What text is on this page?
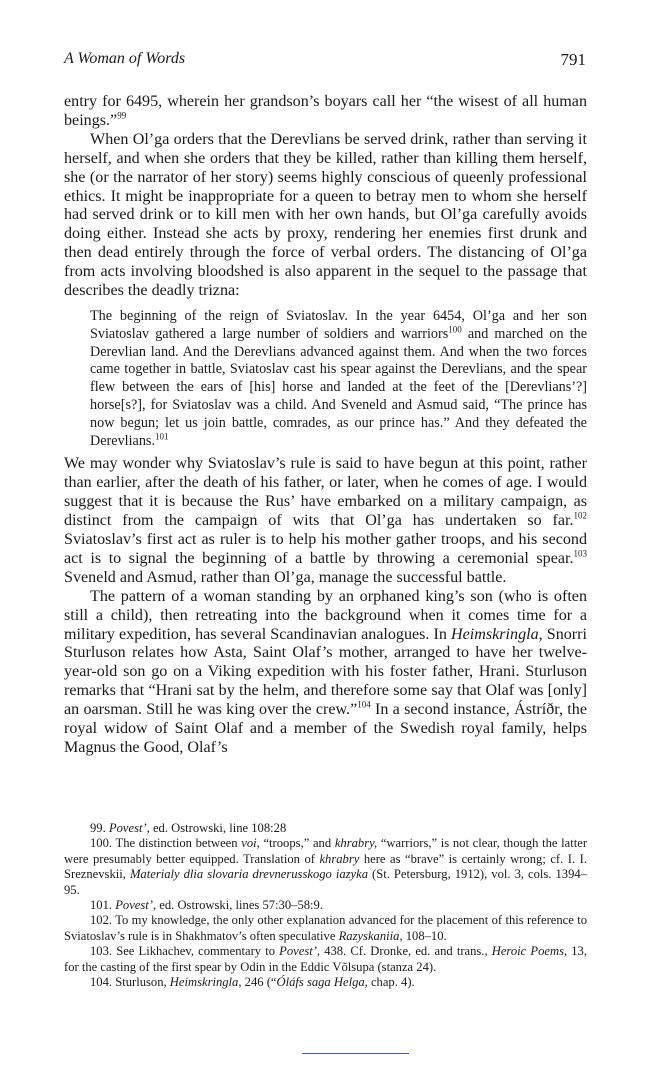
A Woman of Words	791

entry for 6495, wherein her grandson’s boyars call her “the wisest of all human beings.”$^{99}$

When Ol’ga orders that the Derevlians be served drink, rather than serving it herself, and when she orders that they be killed, rather than killing them herself, she (or the narrator of her story) seems highly conscious of queenly professional ethics. It might be inappropriate for a queen to betray men to whom she herself had served drink or to kill men with her own hands, but Ol’ga carefully avoids doing either. Instead she acts by proxy, rendering her enemies first drunk and then dead entirely through the force of verbal orders. The distancing of Ol’ga from acts involving bloodshed is also apparent in the sequel to the passage that describes the deadly trizna:

The beginning of the reign of Sviatoslav. In the year 6454, Ol’ga and her son Sviatoslav gathered a large number of soldiers and warriors$^{100}$ and marched on the Derevlian land. And the Derevlians advanced against them. And when the two forces came together in battle, Sviatoslav cast his spear against the Derevlians, and the spear flew between the ears of [his] horse and landed at the feet of the [Derevlians’?] horse[s?], for Sviatoslav was a child. And Sveneld and Asmud said, “The prince has now begun; let us join battle, comrades, as our prince has.” And they defeated the Derevlians.$^{101}$

We may wonder why Sviatoslav’s rule is said to have begun at this point, rather than earlier, after the death of his father, or later, when he comes of age. I would suggest that it is because the Rus’ have embarked on a military campaign, as distinct from the campaign of wits that Ol’ga has undertaken so far.$^{102}$ Sviatoslav’s first act as ruler is to help his mother gather troops, and his second act is to signal the beginning of a battle by throwing a ceremonial spear.$^{103}$ Sveneld and Asmud, rather than Ol’ga, manage the successful battle.

The pattern of a woman standing by an orphaned king’s son (who is often still a child), then retreating into the background when it comes time for a military expedition, has several Scandinavian analogues. In Heimskringla, Snorri Sturluson relates how Asta, Saint Olaf’s mother, arranged to have her twelve-year-old son go on a Viking expedition with his foster father, Hrani. Sturluson remarks that “Hrani sat by the helm, and therefore some say that Olaf was [only] an oarsman. Still he was king over the crew.”$^{104}$ In a second instance, Ástríðr, the royal widow of Saint Olaf and a member of the Swedish royal family, helps Magnus the Good, Olaf’s

99. Povest’, ed. Ostrowski, line 108:28
100. The distinction between voi, “troops,” and khrabry, “warriors,” is not clear, though the latter were presumably better equipped. Translation of khrabry here as “brave” is certainly wrong; cf. I. I. Sreznevskii, Materialy dlia slovaria drevnerusskogo iazyka (St. Petersburg, 1912), vol. 3, cols. 1394–95.
101. Povest’, ed. Ostrowski, lines 57:30–58:9.
102. To my knowledge, the only other explanation advanced for the placement of this reference to Sviatoslav’s rule is in Shakhmatov’s often speculative Razyskaniia, 108–10.
103. See Likhachev, commentary to Povest’, 438. Cf. Dronke, ed. and trans., Heroic Poems, 13, for the casting of the first spear by Odin in the Eddic Võlsupa (stanza 24).
104. Sturluson, Heimskringla, 246 (“Óláfs saga Helga, chap. 4).
